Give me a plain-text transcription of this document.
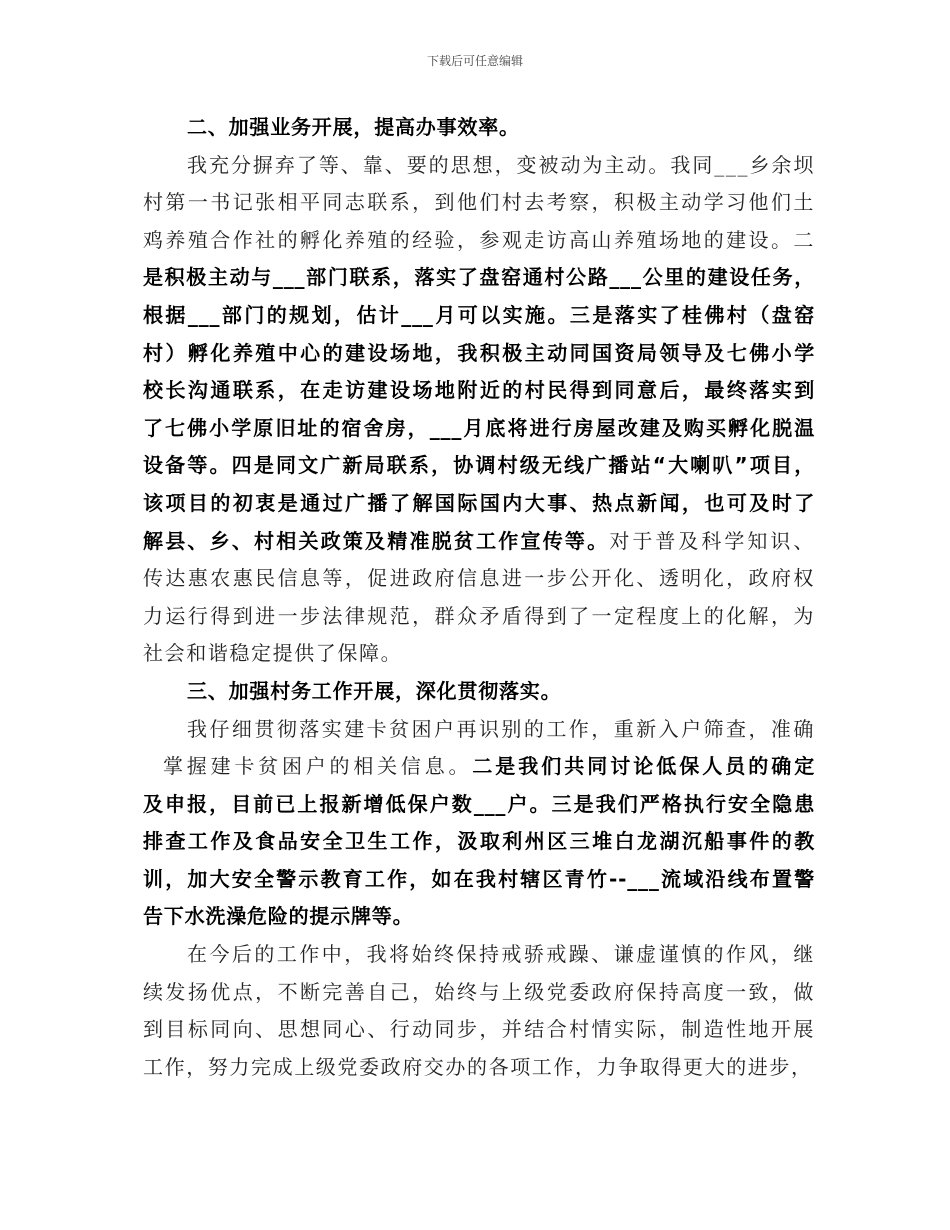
下载后可任意编辑
二、加强业务开展，提高办事效率。
我充分摒弃了等、靠、要的思想，变被动为主动。我同___乡余坝
村第一书记张相平同志联系，到他们村去考察，积极主动学习他们土
鸡养殖合作社的孵化养殖的经验，参观走访高山养殖场地的建设。二
是积极主动与___部门联系，落实了盘窑通村公路___公里的建设任务，
根据___部门的规划，估计___月可以实施。三是落实了桂佛村（盘窑
村）孵化养殖中心的建设场地，我积极主动同国资局领导及七佛小学
校长沟通联系，在走访建设场地附近的村民得到同意后，最终落实到
了七佛小学原旧址的宿舍房，___月底将进行房屋改建及购买孵化脱温
设备等。四是同文广新局联系，协调村级无线广播站“大喇叭”项目，
该项目的初衷是通过广播了解国际国内大事、热点新闻，也可及时了
解县、乡、村相关政策及精准脱贫工作宣传等。对于普及科学知识、
传达惠农惠民信息等，促进政府信息进一步公开化、透明化，政府权
力运行得到进一步法律规范，群众矛盾得到了一定程度上的化解，为
社会和谐稳定提供了保障。
三、加强村务工作开展，深化贯彻落实。
我仔细贯彻落实建卡贫困户再识别的工作，重新入户筛查，准确
掌握建卡贫困户的相关信息。二是我们共同讨论低保人员的确定
及申报，目前已上报新增低保户数___户。三是我们严格执行安全隐患
排查工作及食品安全卫生工作，汲取利州区三堆白龙湖沉船事件的教
训，加大安全警示教育工作，如在我村辖区青竹--___流域沿线布置警
告下水洗澡危险的提示牌等。
在今后的工作中，我将始终保持戒骄戒躁、谦虚谨慎的作风，继
续发扬优点，不断完善自己，始终与上级党委政府保持高度一致，做
到目标同向、思想同心、行动同步，并结合村情实际，制造性地开展
工作，努力完成上级党委政府交办的各项工作，力争取得更大的进步，
